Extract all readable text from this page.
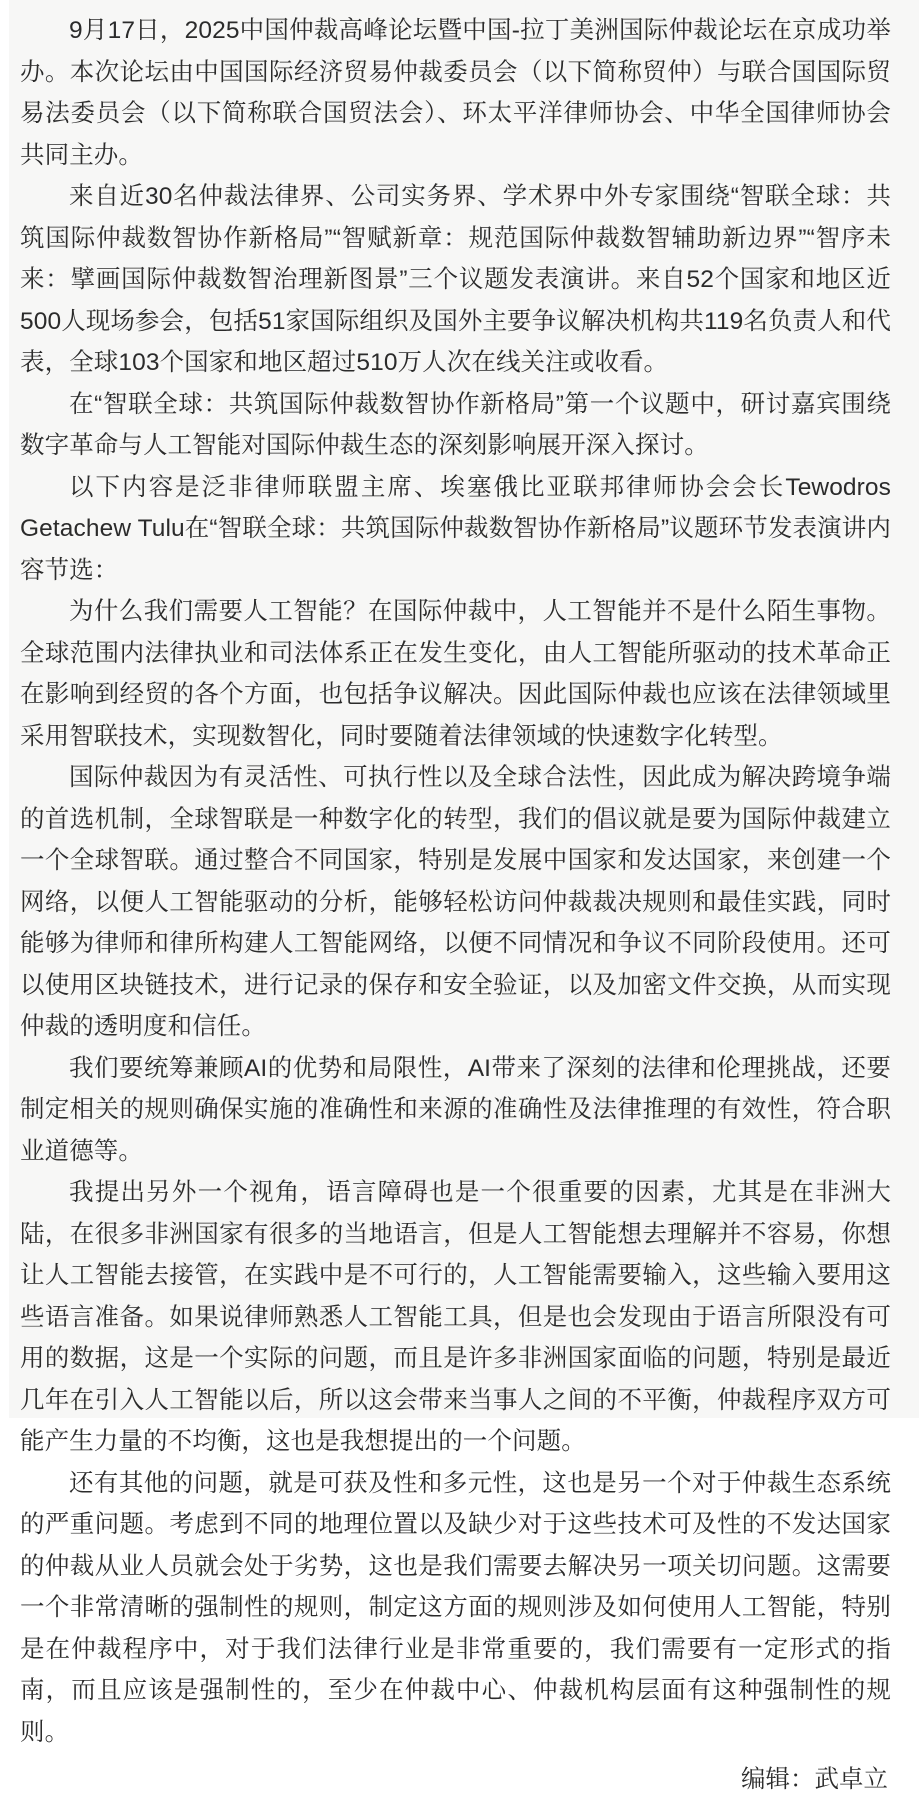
9月17日，2025中国仲裁高峰论坛暨中国-拉丁美洲国际仲裁论坛在京成功举办。本次论坛由中国国际经济贸易仲裁委员会（以下简称贸仲）与联合国国际贸易法委员会（以下简称联合国贸法会）、环太平洋律师协会、中华全国律师协会共同主办。

来自近30名仲裁法律界、公司实务界、学术界中外专家围绕“智联全球：共筑国际仲裁数智协作新格局”“智赋新章：规范国际仲裁数智辅助新边界”“智序未来：擘画国际仲裁数智治理新图景”三个议题发表演讲。来自52个国家和地区近500人现场参会，包括51家国际组织及国外主要争议解决机构共119名负责人和代表，全球103个国家和地区超过510万人次在线关注或收看。

在“智联全球：共筑国际仲裁数智协作新格局”第一个议题中，研讨嘉宾围绕数字革命与人工智能对国际仲裁生态的深刻影响展开深入探讨。

以下内容是泛非律师联盟主席、埃塞俄比亚联邦律师协会会长Tewodros Getachew Tulu在“智联全球：共筑国际仲裁数智协作新格局”议题环节发表演讲内容节选：

为什么我们需要人工智能？在国际仲裁中，人工智能并不是什么陌生事物。全球范围内法律执业和司法体系正在发生变化，由人工智能所驱动的技术革命正在影响到经贸的各个方面，也包括争议解决。因此国际仲裁也应该在法律领域里采用智联技术，实现数智化，同时要随着法律领域的快速数字化转型。

国际仲裁因为有灵活性、可执行性以及全球合法性，因此成为解决跨境争端的首选机制，全球智联是一种数字化的转型，我们的倡议就是要为国际仲裁建立一个全球智联。通过整合不同国家，特别是发展中国家和发达国家，来创建一个网络，以便人工智能驱动的分析，能够轻松访问仲裁裁决规则和最佳实践，同时能够为律师和律所构建人工智能网络，以便不同情况和争议不同阶段使用。还可以使用区块链技术，进行记录的保存和安全验证，以及加密文件交换，从而实现仲裁的透明度和信任。

我们要统筹兼顾AI的优势和局限性，AI带来了深刻的法律和伦理挑战，还要制定相关的规则确保实施的准确性和来源的准确性及法律推理的有效性，符合职业道德等。

我提出另外一个视角，语言障碍也是一个很重要的因素，尤其是在非洲大陆，在很多非洲国家有很多的当地语言，但是人工智能想去理解并不容易，你想让人工智能去接管，在实践中是不可行的，人工智能需要输入，这些输入要用这些语言准备。如果说律师熟悉人工智能工具，但是也会发现由于语言所限没有可用的数据，这是一个实际的问题，而且是许多非洲国家面临的问题，特别是最近几年在引入人工智能以后，所以这会带来当事人之间的不平衡，仲裁程序双方可能产生力量的不均衡，这也是我想提出的一个问题。

还有其他的问题，就是可获及性和多元性，这也是另一个对于仲裁生态系统的严重问题。考虑到不同的地理位置以及缺少对于这些技术可及性的不发达国家的仲裁从业人员就会处于劣势，这也是我们需要去解决另一项关切问题。这需要一个非常清晰的强制性的规则，制定这方面的规则涉及如何使用人工智能，特别是在仲裁程序中，对于我们法律行业是非常重要的，我们需要有一定形式的指南，而且应该是强制性的，至少在仲裁中心、仲裁机构层面有这种强制性的规则。

编辑：武卓立
